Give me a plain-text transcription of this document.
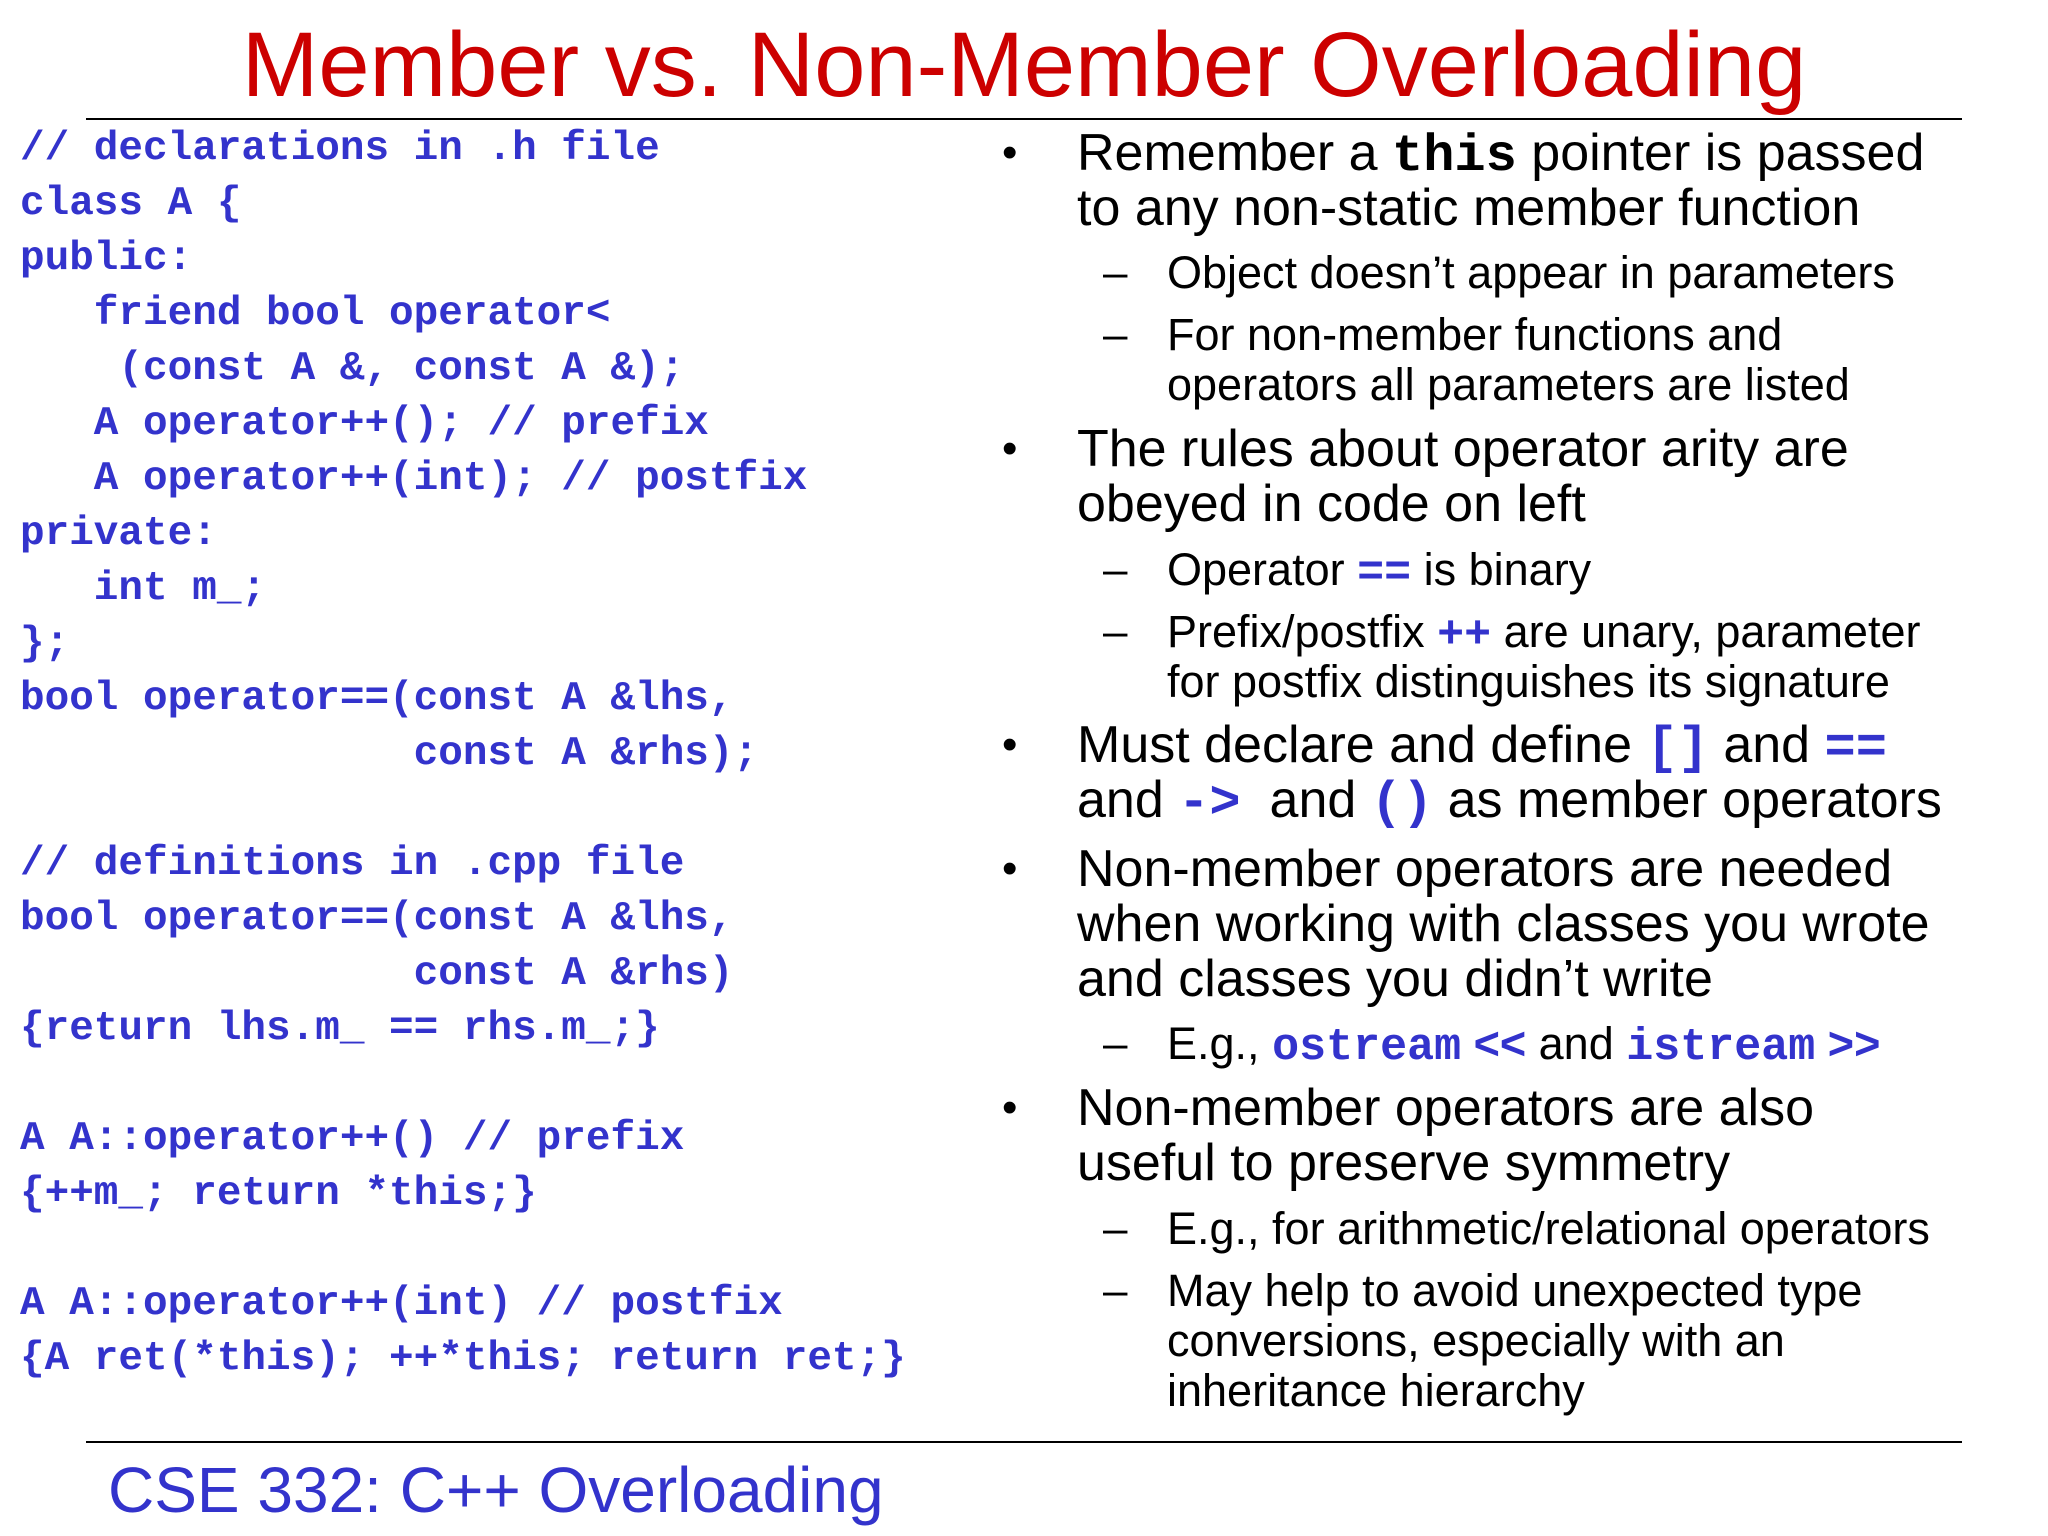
Member vs. Non-Member Overloading
// declarations in .h file
class A {
public:
friend bool operator<
(const A &, const A &);
A operator++(); // prefix
A operator++(int); // postfix
private:
int m_;
};
bool operator==(const A &lhs,
const A &rhs);
// definitions in .cpp file
bool operator==(const A &lhs,
const A &rhs)
{return lhs.m_ == rhs.m_;}
A A::operator++() // prefix
{++m_; return *this;}
A A::operator++(int) // postfix
{A ret(*this); ++*this; return ret;}
• Remember a this pointer is passed
to any non-static member function
– Object doesn’t appear in parameters
– For non-member functions and
operators all parameters are listed
• The rules about operator arity are
obeyed in code on left
– Operator == is binary
– Prefix/postfix ++ are unary, parameter
for postfix distinguishes its signature
• Must declare and define [] and ==
and ->  and () as member operators
• Non-member operators are needed
when working with classes you wrote
and classes you didn’t write
– E.g., ostream << and istream >>
• Non-member operators are also
useful to preserve symmetry
– E.g., for arithmetic/relational operators
– May help to avoid unexpected type
conversions, especially with an
inheritance hierarchy
CSE 332: C++ Overloading
